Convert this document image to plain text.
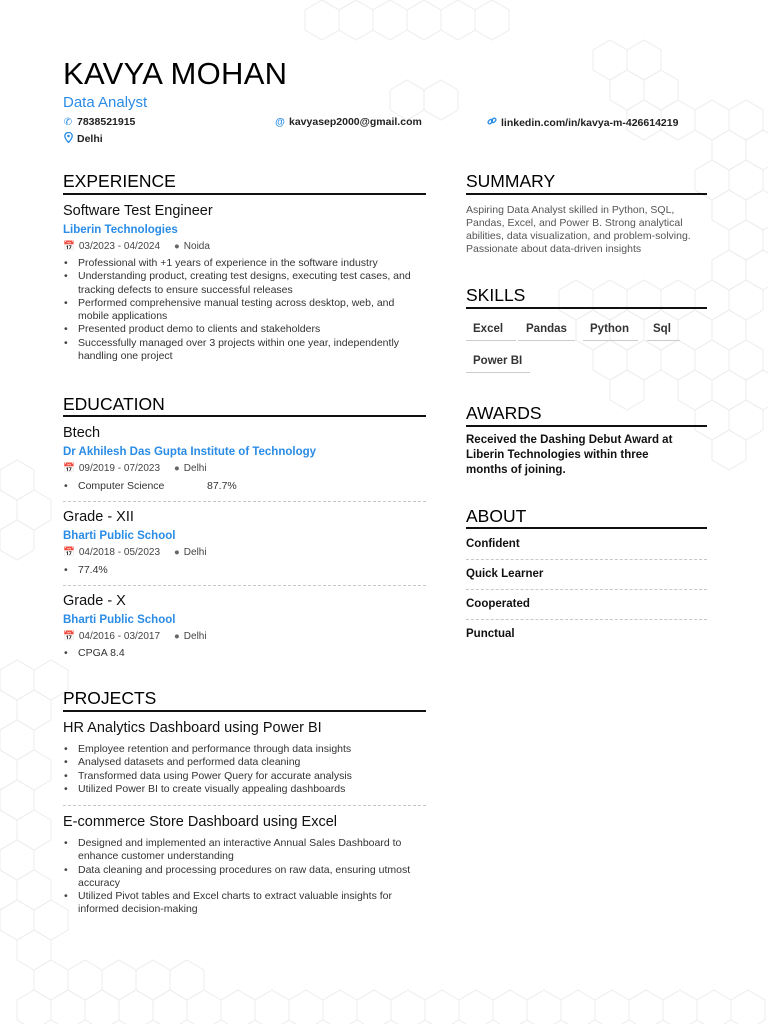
KAVYA MOHAN
Data Analyst
✆ 7838521915	@ kavyasep2000@gmail.com	linkedin.com/in/kavya-m-426614219
Delhi
EXPERIENCE
Software Test Engineer
Liberin Technologies
📅 03/2023 - 04/2024 ● Noida
• Professional with +1 years of experience in the software industry
• Understanding product, creating test designs, executing test cases, and tracking defects to ensure successful releases
• Performed comprehensive manual testing across desktop, web, and mobile applications
• Presented product demo to clients and stakeholders
• Successfully managed over 3 projects within one year, independently handling one project
EDUCATION
Btech
Dr Akhilesh Das Gupta Institute of Technology
📅 09/2019 - 07/2023 ● Delhi
• Computer Science	87.7%
Grade - XII
Bharti Public School
📅 04/2018 - 05/2023 ● Delhi
• 77.4%
Grade - X
Bharti Public School
📅 04/2016 - 03/2017 ● Delhi
• CPGA 8.4
PROJECTS
HR Analytics Dashboard using Power BI
• Employee retention and performance through data insights
• Analysed datasets and performed data cleaning
• Transformed data using Power Query for accurate analysis
• Utilized Power BI to create visually appealing dashboards
E-commerce Store Dashboard using Excel
• Designed and implemented an interactive Annual Sales Dashboard to enhance customer understanding
• Data cleaning and processing procedures on raw data, ensuring utmost accuracy
• Utilized Pivot tables and Excel charts to extract valuable insights for informed decision-making
SUMMARY
Aspiring Data Analyst skilled in Python, SQL, Pandas, Excel, and Power B. Strong analytical abilities, data visualization, and problem-solving. Passionate about data-driven insights
SKILLS
Excel	Pandas	Python	Sql
Power BI
AWARDS
Received the Dashing Debut Award at Liberin Technologies within three months of joining.
ABOUT
Confident
Quick Learner
Cooperated
Punctual
